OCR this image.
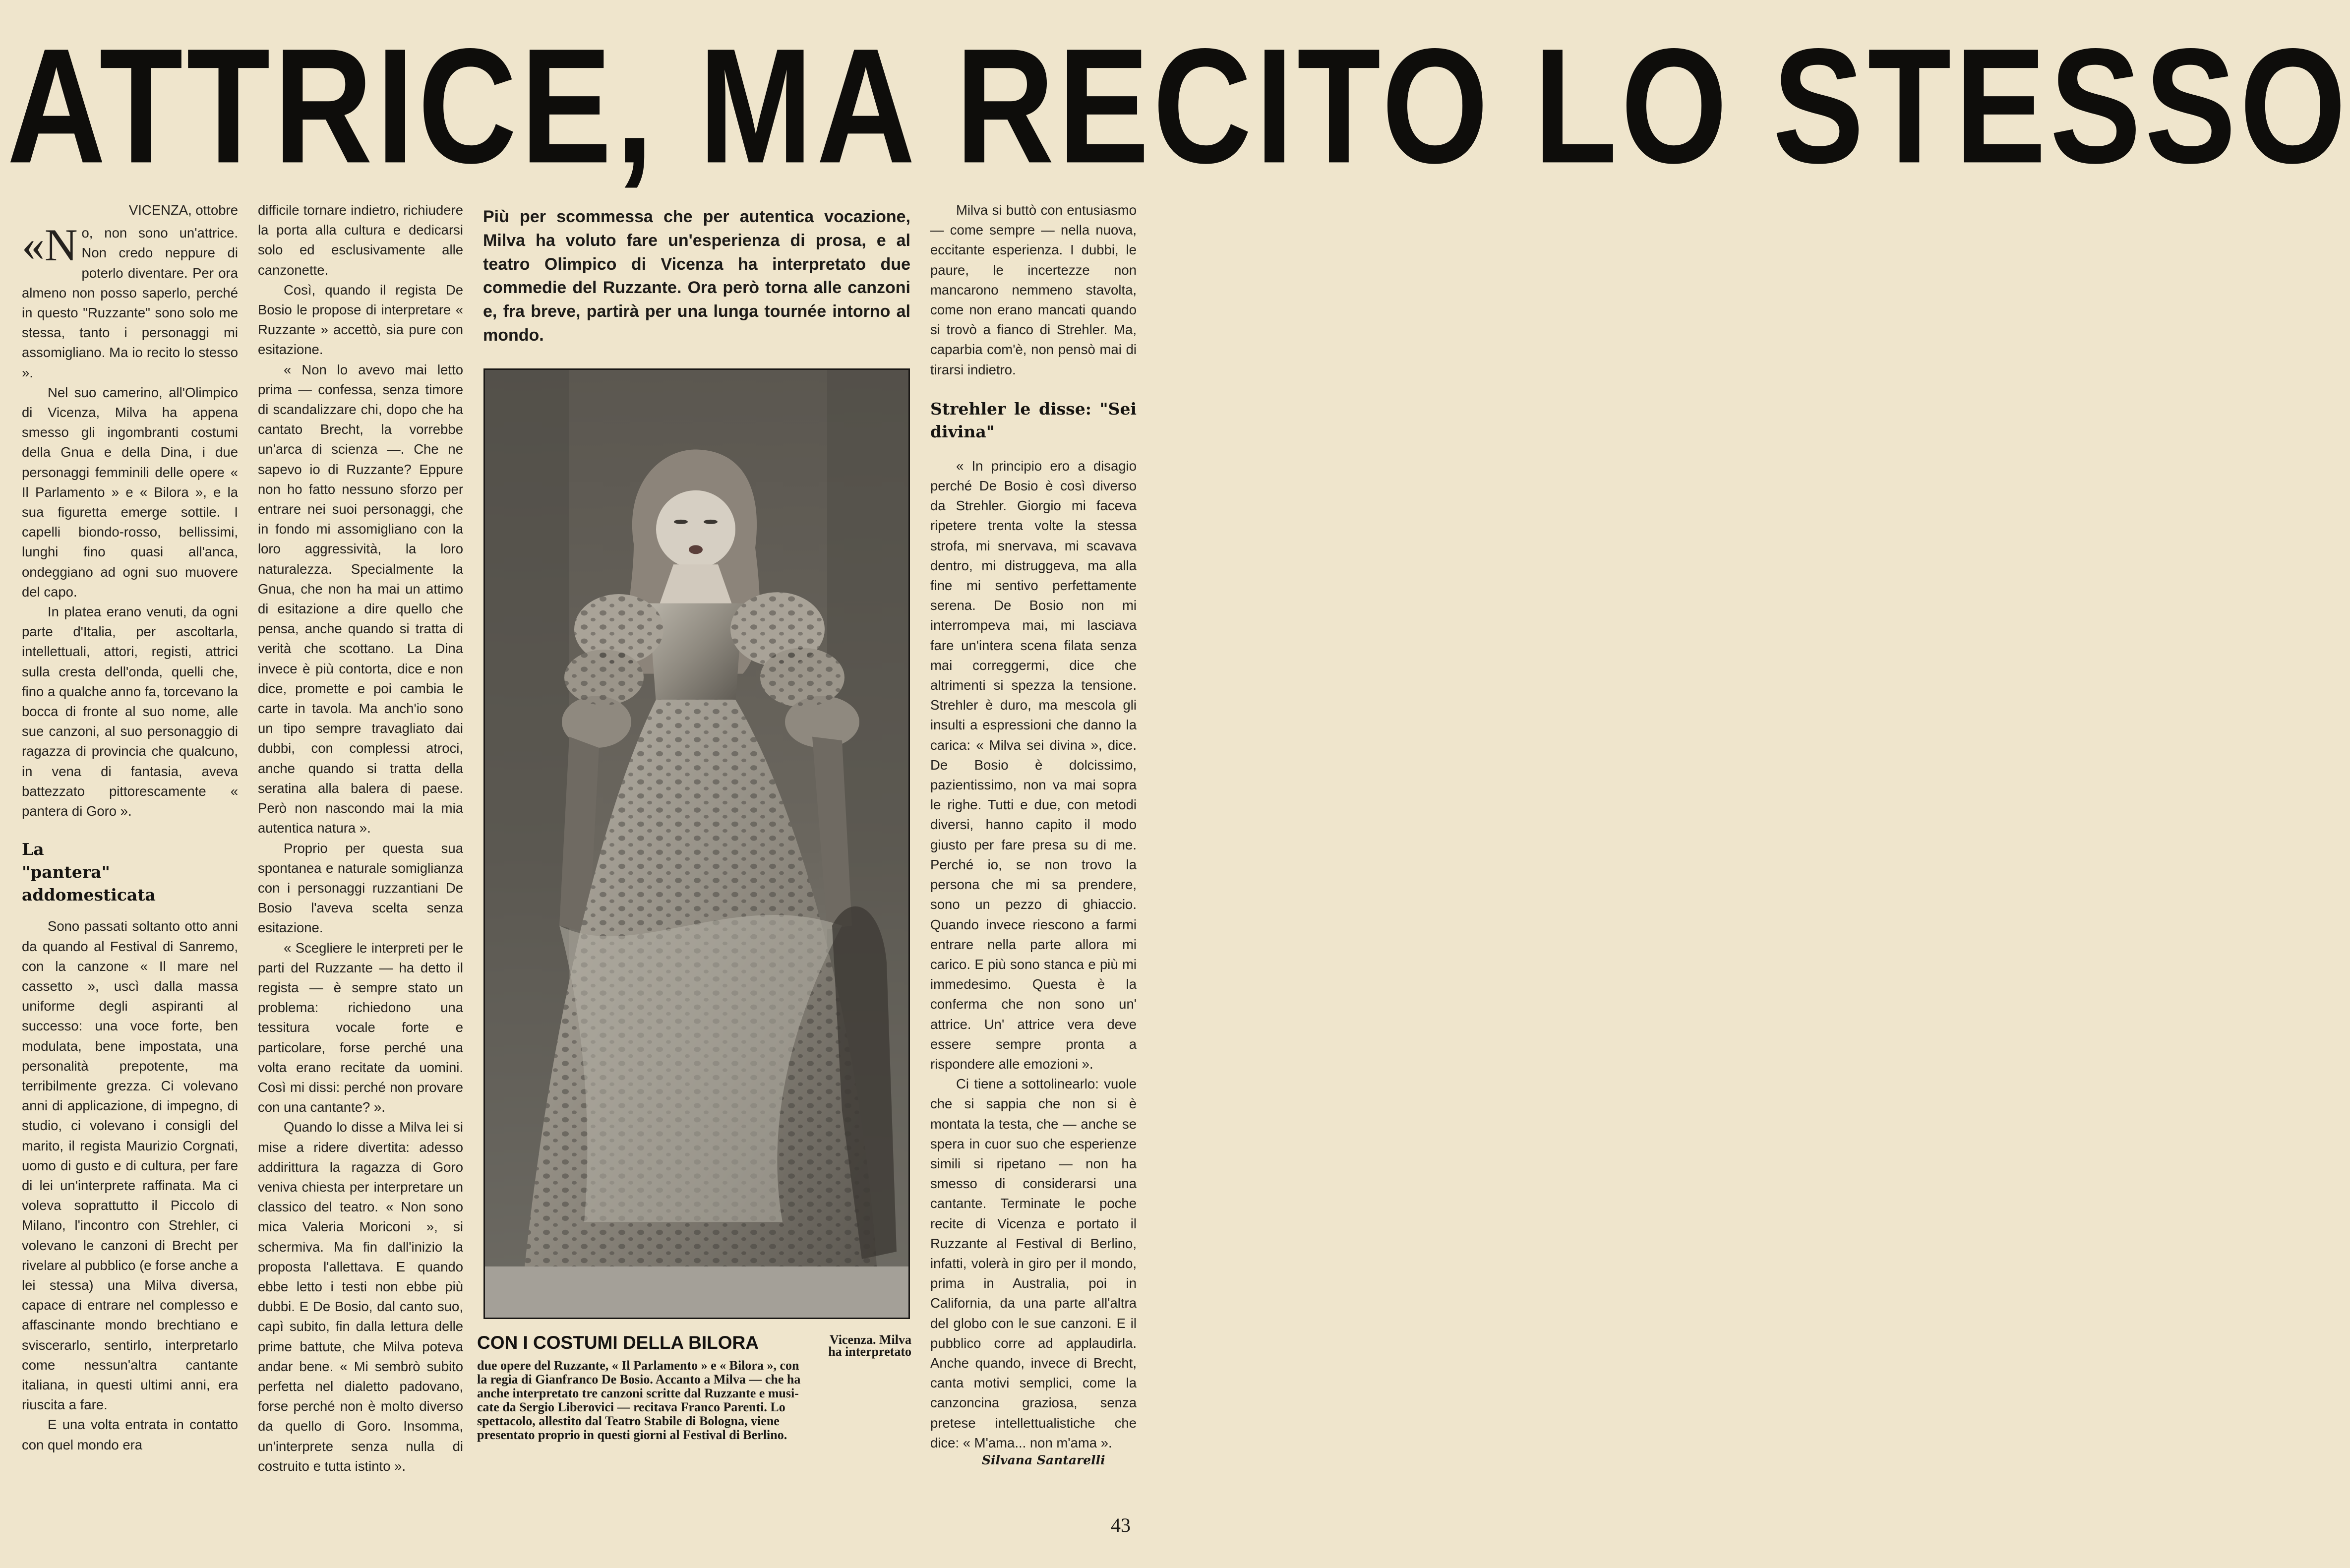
ATTRICE, MA RECITO LO STESSO
VICENZA, ottobre

«No, non sono un'attrice. Non credo neppure di poterlo diventare. Per ora almeno non posso saperlo, perché in questo "Ruzzante" sono solo me stessa, tanto i personaggi mi assomigliano. Ma io recito lo stesso ».

Nel suo camerino, all'Olimpico di Vicenza, Milva ha appena smesso gli ingombranti costumi della Gnua e della Dina, i due personaggi femminili delle opere « Il Parlamento » e « Bilora », e la sua figuretta emerge sottile. I capelli biondo-rosso, bellissimi, lunghi fino quasi all'anca, ondeggiano ad ogni suo muovere del capo.

In platea erano venuti, da ogni parte d'Italia, per ascoltarla, intellettuali, attori, registi, attrici sulla cresta dell'onda, quelli che, fino a qualche anno fa, torcevano la bocca di fronte al suo nome, alle sue canzoni, al suo personaggio di ragazza di provincia che qualcuno, in vena di fantasia, aveva battezzato pittorescamente « pantera di Goro ».

La "pantera" addomesticata

Sono passati soltanto otto anni da quando al Festival di Sanremo, con la canzone « Il mare nel cassetto », uscì dalla massa uniforme degli aspiranti al successo: una voce forte, ben modulata, bene impostata, una personalità prepotente, ma terribilmente grezza. Ci volevano anni di applicazione, di impegno, di studio, ci volevano i consigli del marito, il regista Maurizio Corgnati, uomo di gusto e di cultura, per fare di lei un'interprete raffinata. Ma ci voleva soprattutto il Piccolo di Milano, l'incontro con Strehler, ci volevano le canzoni di Brecht per rivelare al pubblico (e forse anche a lei stessa) una Milva diversa, capace di entrare nel complesso e affascinante mondo brechtiano e sviscerarlo, sentirlo, interpretarlo come nessun'altra cantante italiana, in questi ultimi anni, era riuscita a fare.

E una volta entrata in contatto con quel mondo era

difficile tornare indietro, richiudere la porta alla cultura e dedicarsi solo ed esclusivamente alle canzonette.

Così, quando il regista De Bosio le propose di interpretare « Ruzzante » accettò, sia pure con esitazione.

« Non lo avevo mai letto prima — confessa, senza timore di scandalizzare chi, dopo che ha cantato Brecht, la vorrebbe un'arca di scienza —. Che ne sapevo io di Ruzzante? Eppure non ho fatto nessuno sforzo per entrare nei suoi personaggi, che in fondo mi assomigliano con la loro aggressività, la loro naturalezza. Specialmente la Gnua, che non ha mai un attimo di esitazione a dire quello che pensa, anche quando si tratta di verità che scottano. La Dina invece è più contorta, dice e non dice, promette e poi cambia le carte in tavola. Ma anch'io sono un tipo sempre travagliato dai dubbi, con complessi atroci, anche quando si tratta della seratina alla balera di paese. Però non nascondo mai la mia autentica natura ».

Proprio per questa sua spontanea e naturale somiglianza con i personaggi ruzzantiani De Bosio l'aveva scelta senza esitazione.

« Scegliere le interpreti per le parti del Ruzzante — ha detto il regista — è sempre stato un problema: richiedono una tessitura vocale forte e particolare, forse perché una volta erano recitate da uomini. Così mi dissi: perché non provare con una cantante? ».

Quando lo disse a Milva lei si mise a ridere divertita: adesso addirittura la ragazza di Goro veniva chiesta per interpretare un classico del teatro. « Non sono mica Valeria Moriconi », si schermiva. Ma fin dall'inizio la proposta l'allettava. E quando ebbe letto i testi non ebbe più dubbi. E De Bosio, dal canto suo, capì subito, fin dalla lettura delle prime battute, che Milva poteva andar bene. « Mi sembrò subito perfetta nel dialetto padovano, forse perché non è molto diverso da quello di Goro. Insomma, un'interprete senza nulla di costruito e tutta istinto ».

Più per scommessa che per autentica vocazione, Milva ha voluto fare un'esperienza di prosa, e al teatro Olimpico di Vicenza ha interpretato due commedie del Ruzzante. Ora però torna alle canzoni e, fra breve, partirà per una lunga tournée intorno al mondo.
Vicenza. Milva
ha interpretato
due opere del Ruzzante, « Il Parlamento » e « Bilora », con
la regia di Gianfranco De Bosio. Accanto a Milva — che ha
anche interpretato tre canzoni scritte dal Ruzzante e musi-
cate da Sergio Liberovici — recitava Franco Parenti. Lo
spettacolo, allestito dal Teatro Stabile di Bologna, viene
presentato proprio in questi giorni al Festival di Berlino.
CON I COSTUMI DELLA BILORA

Milva si buttò con entusiasmo — come sempre — nella nuova, eccitante esperienza. I dubbi, le paure, le incertezze non mancarono nemmeno stavolta, come non erano mancati quando si trovò a fianco di Strehler. Ma, caparbia com'è, non pensò mai di tirarsi indietro.

Strehler le disse: "Sei divina"

« In principio ero a disagio perché De Bosio è così diverso da Strehler. Giorgio mi faceva ripetere trenta volte la stessa strofa, mi snervava, mi scavava dentro, mi distruggeva, ma alla fine mi sentivo perfettamente serena. De Bosio non mi interrompeva mai, mi lasciava fare un'intera scena filata senza mai correggermi, dice che altrimenti si spezza la tensione. Strehler è duro, ma mescola gli insulti a espressioni che danno la carica: « Milva sei divina », dice. De Bosio è dolcissimo, pazientissimo, non va mai sopra le righe. Tutti e due, con metodi diversi, hanno capito il modo giusto per fare presa su di me. Perché io, se non trovo la persona che mi sa prendere, sono un pezzo di ghiaccio. Quando invece riescono a farmi entrare nella parte allora mi carico. E più sono stanca e più mi immedesimo. Questa è la conferma che non sono un' attrice. Un' attrice vera deve essere sempre pronta a rispondere alle emozioni ».

Ci tiene a sottolinearlo: vuole che si sappia che non si è montata la testa, che — anche se spera in cuor suo che esperienze simili si ripetano — non ha smesso di considerarsi una cantante. Terminate le poche recite di Vicenza e portato il Ruzzante al Festival di Berlino, infatti, volerà in giro per il mondo, prima in Australia, poi in California, da una parte all'altra del globo con le sue canzoni. E il pubblico corre ad applaudirla. Anche quando, invece di Brecht, canta motivi semplici, come la canzoncina graziosa, senza pretese intellettualistiche che dice: « M'ama... non m'ama ».

Silvana Santarelli
43
